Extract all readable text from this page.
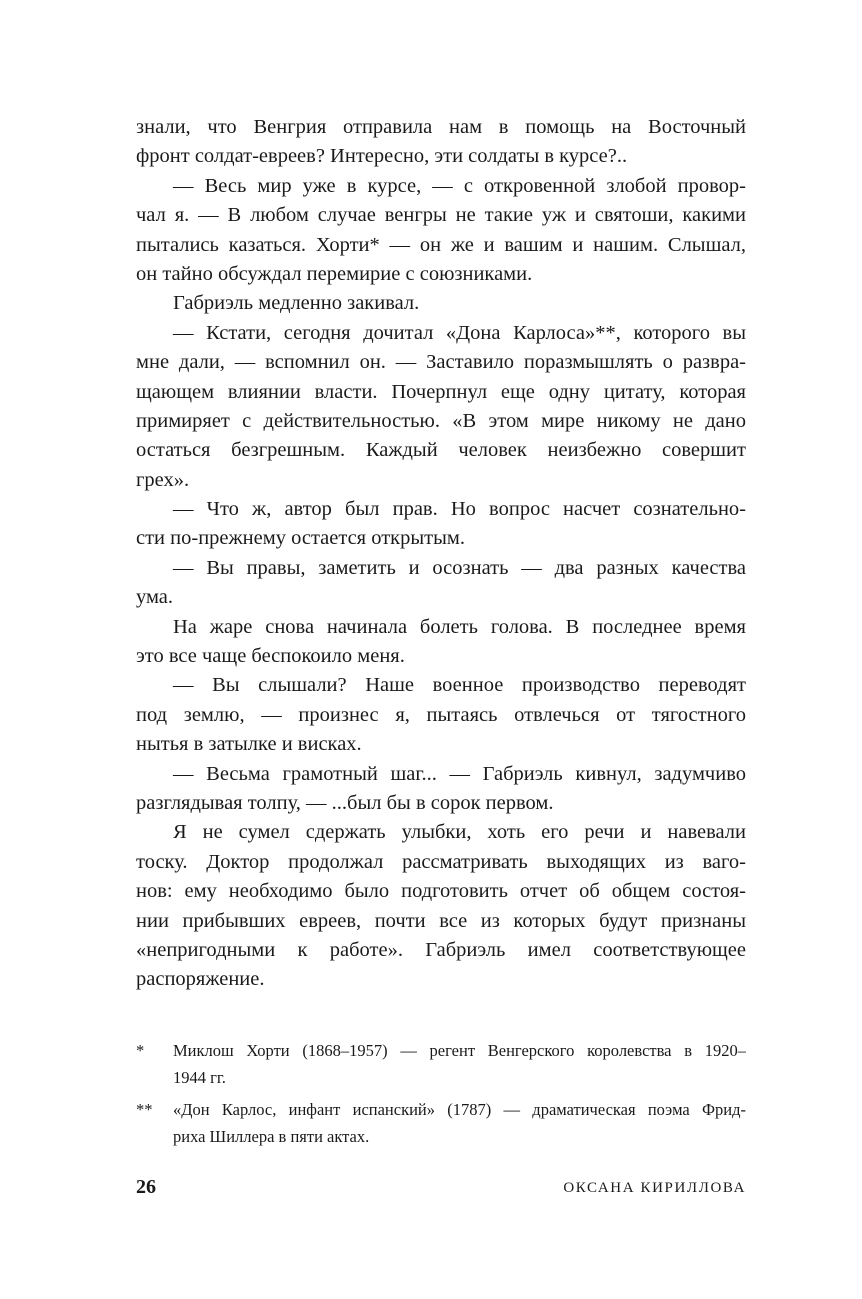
знали, что Венгрия отправила нам в помощь на Восточный
фронт солдат-евреев? Интересно, эти солдаты в курсе?..
— Весь мир уже в курсе, — с откровенной злобой провор-
чал я. — В любом случае венгры не такие уж и святоши, какими
пытались казаться. Хорти* — он же и вашим и нашим. Слышал,
он тайно обсуждал перемирие с союзниками.
Габриэль медленно закивал.
— Кстати, сегодня дочитал «Дона Карлоса»**, которого вы
мне дали, — вспомнил он. — Заставило поразмышлять о развра-
щающем влиянии власти. Почерпнул еще одну цитату, которая
примиряет с действительностью. «В этом мире никому не дано
остаться безгрешным. Каждый человек неизбежно совершит
грех».
— Что ж, автор был прав. Но вопрос насчет сознательно-
сти по-прежнему остается открытым.
— Вы правы, заметить и осознать — два разных качества
ума.
На жаре снова начинала болеть голова. В последнее время
это все чаще беспокоило меня.
— Вы слышали? Наше военное производство переводят
под землю, — произнес я, пытаясь отвлечься от тягостного
нытья в затылке и висках.
— Весьма грамотный шаг... — Габриэль кивнул, задумчиво
разглядывая толпу, — ...был бы в сорок первом.
Я не сумел сдержать улыбки, хоть его речи и навевали
тоску. Доктор продолжал рассматривать выходящих из ваго-
нов: ему необходимо было подготовить отчет об общем состоя-
нии прибывших евреев, почти все из которых будут признаны
«непригодными к работе». Габриэль имел соответствующее
распоряжение.
* Миклош Хорти (1868–1957) — регент Венгерского королевства в 1920–
1944 гг.
** «Дон Карлос, инфант испанский» (1787) — драматическая поэма Фрид-
риха Шиллера в пяти актах.
26	ОКСАНА КИРИЛЛОВА
